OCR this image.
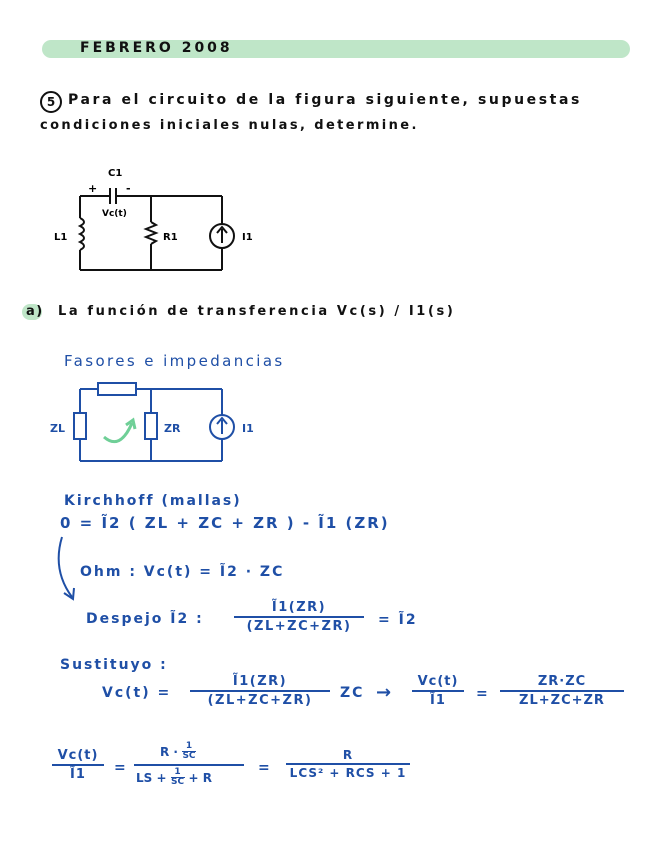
FEBRERO 2008
5 Para el circuito de la figura siguiente, supuestas
condiciones iniciales nulas, determine.
C1
+	-
Vc(t)
L1	R1	I1
a) La función de transferencia Vc(s) / I1(s)
Fasores e impedancias
ZL	ZR	I1
Kirchhoff (mallas)
0 = Ĩ2 ( ZL + ZC + ZR ) - Ĩ1 (ZR)
Ohm : Vc(t) = Ĩ2 · ZC
Despejo Ĩ2 :
Ĩ1(ZR)
(ZL+ZC+ZR) = Ĩ2
Sustituyo :
Vc(t) =
Ĩ1(ZR)
(ZL+ZC+ZR) ZC →
Vc(t)
Ĩ1 =
ZR·ZC
ZL+ZC+ZR
Vc(t)
Ĩ1 =
R · 1
SC
LS + 1
SC + R
=
R
LCS² + RCS + 1
